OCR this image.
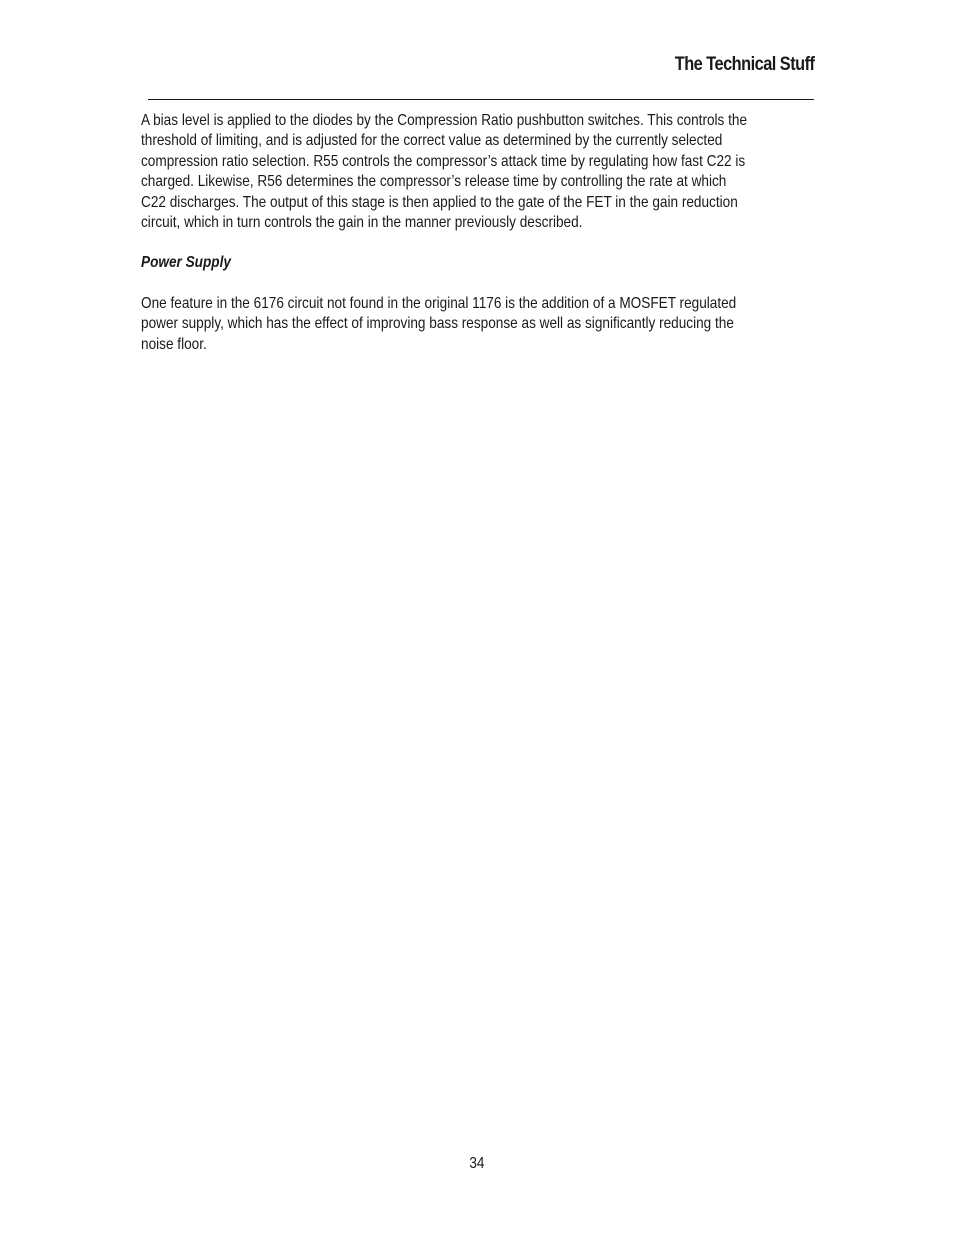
The Technical Stuff

A bias level is applied to the diodes by the Compression Ratio pushbutton switches. This controls the
threshold of limiting, and is adjusted for the correct value as determined by the currently selected
compression ratio selection. R55 controls the compressor’s attack time by regulating how fast C22 is
charged. Likewise, R56 determines the compressor’s release time by controlling the rate at which
C22 discharges. The output of this stage is then applied to the gate of the FET in the gain reduction
circuit, which in turn controls the gain in the manner previously described.

Power Supply

One feature in the 6176 circuit not found in the original 1176 is the addition of a MOSFET regulated
power supply, which has the effect of improving bass response as well as significantly reducing the
noise floor.

34
